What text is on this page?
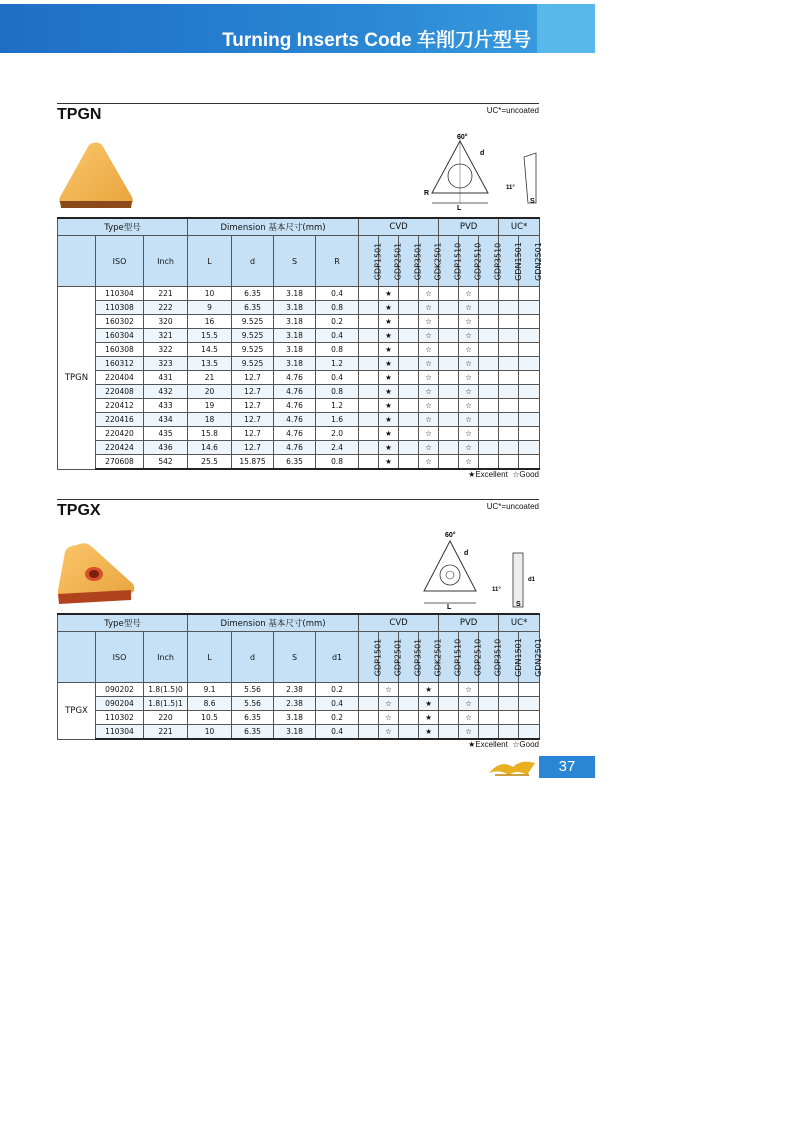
Turning Inserts Code 车削刀片型号
TPGN	UC*=uncoated
60°
d
L
R
11°
S
Type型号			Dimension 基本尺寸(mm)				CVD				PVD			UC*	
	ISO	Inch	L	d	S	R	GDP1501	GDP2501	GDP3501	GDK2501	GDP1510	GDP2510	GDP3510	GDN1501	GDN2501
TPGN	110304	221	10	6.35	3.18	0.4		★		☆		☆			
	110308	222	9	6.35	3.18	0.8		★		☆		☆			
	160302	320	16	9.525	3.18	0.2		★		☆		☆			
	160304	321	15.5	9.525	3.18	0.4		★		☆		☆			
	160308	322	14.5	9.525	3.18	0.8		★		☆		☆			
	160312	323	13.5	9.525	3.18	1.2		★		☆		☆			
	220404	431	21	12.7	4.76	0.4		★		☆		☆			
	220408	432	20	12.7	4.76	0.8		★		☆		☆			
	220412	433	19	12.7	4.76	1.2		★		☆		☆			
	220416	434	18	12.7	4.76	1.6		★		☆		☆			
	220420	435	15.8	12.7	4.76	2.0		★		☆		☆			
	220424	436	14.6	12.7	4.76	2.4		★		☆		☆			
	270608	542	25.5	15.875	6.35	0.8		★		☆		☆			
★Excellent ☆Good
TPGX	UC*=uncoated
60°
d
L
11°
d1
S
Type型号			Dimension 基本尺寸(mm)				CVD				PVD			UC*	
	ISO	Inch	L	d	S	d1	GDP1501	GDP2501	GDP3501	GDK2501	GDP1510	GDP2510	GDP3510	GDN1501	GDN2501
TPGX	090202	1.8(1.5)0	9.1	5.56	2.38	0.2		☆		★		☆			
	090204	1.8(1.5)1	8.6	5.56	2.38	0.4		☆		★		☆			
	110302	220	10.5	6.35	3.18	0.2		☆		★		☆			
	110304	221	10	6.35	3.18	0.4		☆		★		☆			
★Excellent ☆Good
37
